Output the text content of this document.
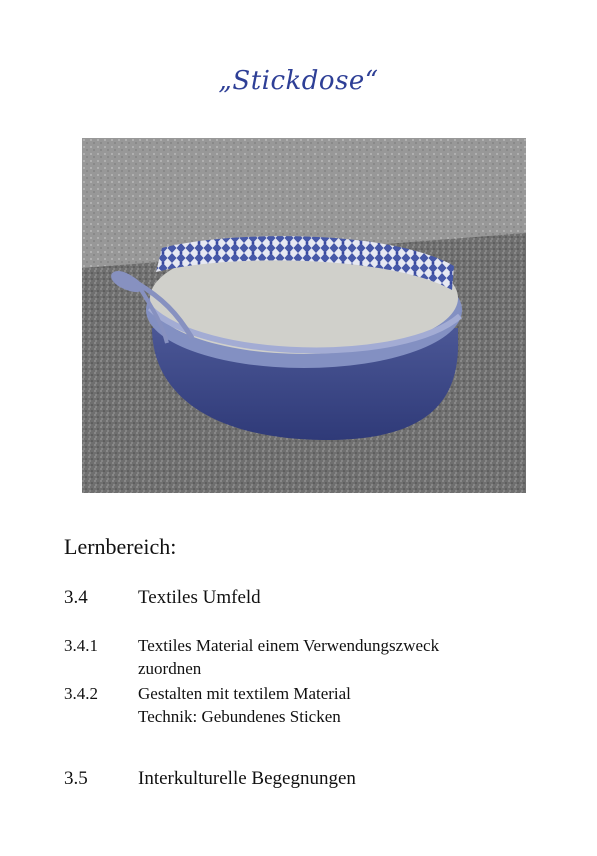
„Stickdose“
Lernbereich:
3.4	Textiles Umfeld
3.4.1 Textiles Material einem Verwendungszweck
zuordnen
3.4.2 Gestalten mit textilem Material
Technik: Gebundenes Sticken
3.5	Interkulturelle Begegnungen
